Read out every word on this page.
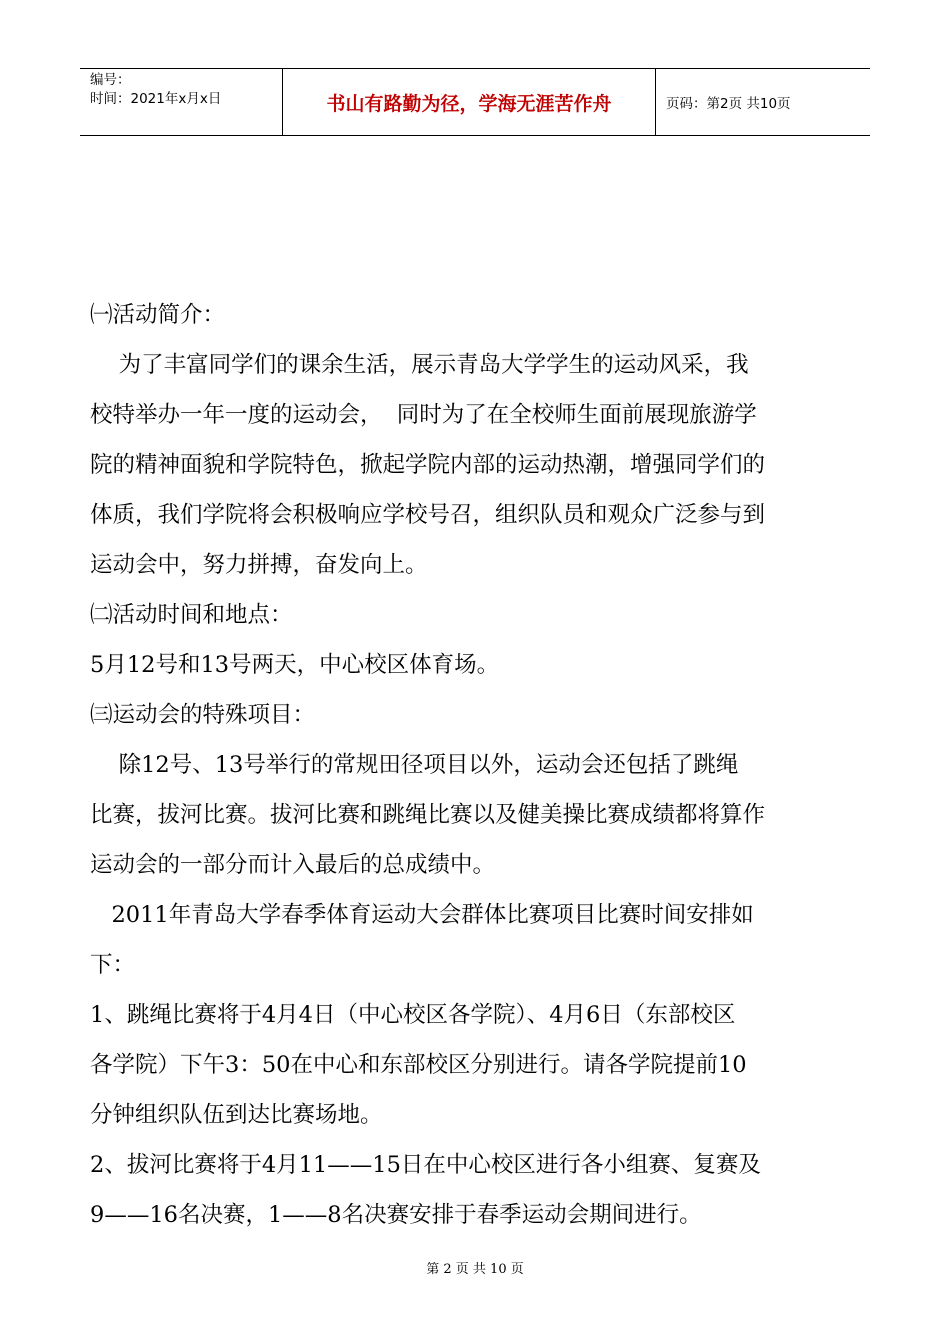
编号：
时间：2021年x月x日	书山有路勤为径，学海无涯苦作舟	页码：第2页 共10页

㈠活动简介：

为了丰富同学们的课余生活，展示青岛大学学生的运动风采，我

校特举办一年一度的运动会，  同时为了在全校师生面前展现旅游学

院的精神面貌和学院特色，掀起学院内部的运动热潮，增强同学们的

体质，我们学院将会积极响应学校号召，组织队员和观众广泛参与到

运动会中，努力拼搏，奋发向上。

㈡活动时间和地点：

5月12号和13号两天，中心校区体育场。

㈢运动会的特殊项目：

除12号、13号举行的常规田径项目以外，运动会还包括了跳绳

比赛，拔河比赛。拔河比赛和跳绳比赛以及健美操比赛成绩都将算作

运动会的一部分而计入最后的总成绩中。

2011年青岛大学春季体育运动大会群体比赛项目比赛时间安排如

下：

1、跳绳比赛将于4月4日（中心校区各学院）、4月6日（东部校区

各学院）下午3：50在中心和东部校区分别进行。请各学院提前10

分钟组织队伍到达比赛场地。

2、拔河比赛将于4月11——15日在中心校区进行各小组赛、复赛及

9——16名决赛，1——8名决赛安排于春季运动会期间进行。

第 2 页 共 10 页
